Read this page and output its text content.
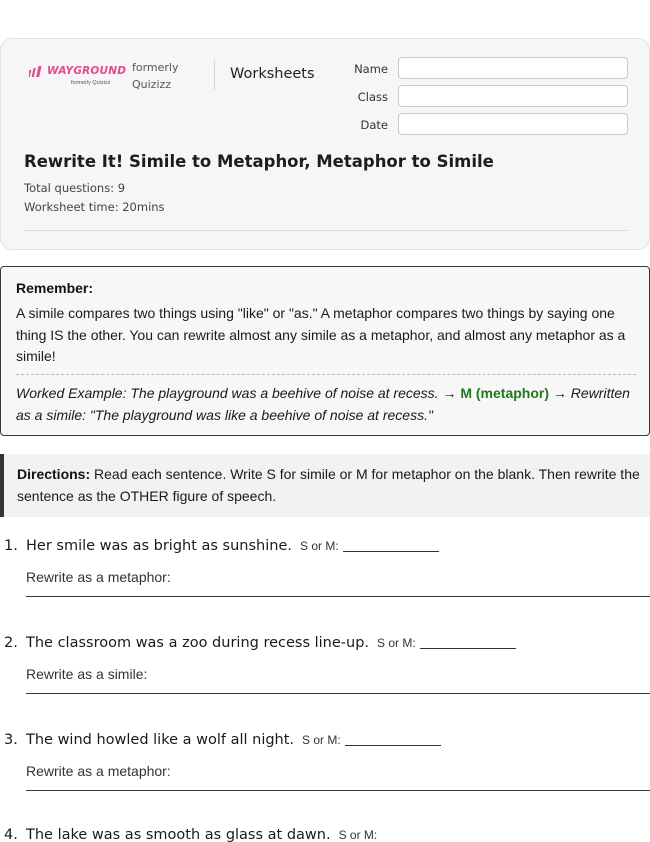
WAYGROUND
formerly Quizizz
formerly Quizizz
Worksheets	Name
Class
Date
Rewrite It! Simile to Metaphor, Metaphor to Simile
Total questions: 9
Worksheet time: 20mins
Remember:
A simile compares two things using "like" or "as." A metaphor compares two things by saying one thing IS the other. You can rewrite almost any simile as a metaphor, and almost any metaphor as a simile!
Worked Example: The playground was a beehive of noise at recess. → M (metaphor) → Rewritten as a simile: "The playground was like a beehive of noise at recess."
Directions: Read each sentence. Write S for simile or M for metaphor on the blank. Then rewrite the sentence as the OTHER figure of speech.
1. Her smile was as bright as sunshine. S or M:
Rewrite as a metaphor:
2. The classroom was a zoo during recess line-up. S or M:
Rewrite as a simile:
3. The wind howled like a wolf all night. S or M:
Rewrite as a metaphor:
4. The lake was as smooth as glass at dawn. S or M:
